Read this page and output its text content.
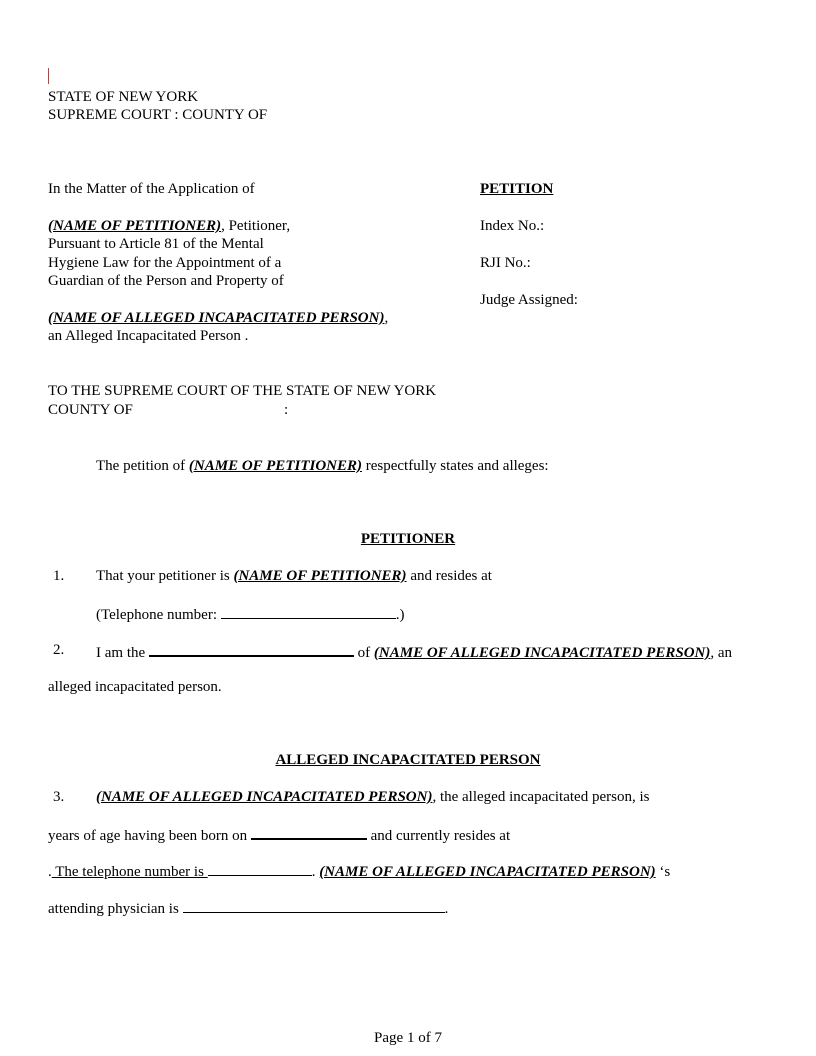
STATE OF NEW YORK
SUPREME COURT : COUNTY OF
In the Matter of the Application of
(NAME OF PETITIONER), Petitioner,
Pursuant to Article 81 of the Mental
Hygiene Law for the Appointment of a
Guardian of the Person and Property of
(NAME OF ALLEGED INCAPACITATED PERSON),
an Alleged Incapacitated Person .
PETITION
Index No.:
RJI No.:
Judge Assigned:
TO THE SUPREME COURT OF THE STATE OF NEW YORK
COUNTY OF	:
The petition of (NAME OF PETITIONER) respectfully states and alleges:
PETITIONER
1. That your petitioner is (NAME OF PETITIONER) and resides at
(Telephone number:	.)
2. I am the	of (NAME OF ALLEGED INCAPACITATED PERSON), an
alleged incapacitated person.
ALLEGED INCAPACITATED PERSON
3. (NAME OF ALLEGED INCAPACITATED PERSON), the alleged incapacitated person, is
years of age having been born on	and currently resides at
. The telephone number is	. (NAME OF ALLEGED INCAPACITATED PERSON) ‘s
attending physician is	.
Page 1 of 7
